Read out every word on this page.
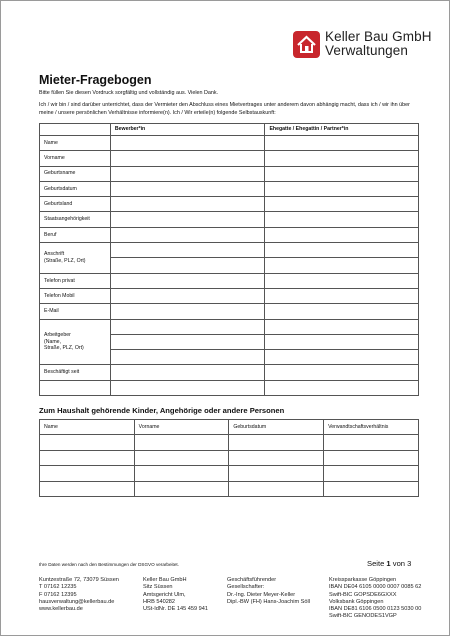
Keller Bau GmbH
Verwaltungen
Mieter-Fragebogen
Bitte füllen Sie diesen Vordruck sorgfältig und vollständig aus. Vielen Dank.
Ich / wir bin / sind darüber unterrichtet, dass der Vermieter den Abschluss eines Mietvertrages unter anderem davon abhängig macht, dass ich / wir ihn über meine / unsere persönlichen Verhältnisse informiere(n). Ich / Wir erteile(n) folgende Selbstauskunft:
	Bewerber*in	Ehegatte / Ehegattin / Partner*in
Name		
Vorname		
Geburtsname		
Geburtsdatum		
Geburtsland		
Staatsangehörigkeit		
Beruf		
Anschrift
(Straße, PLZ, Ort)		

Telefon privat		
Telefon Mobil		
E-Mail		
Arbeitgeber
(Name,
Straße, PLZ, Ort)		

Beschäftigt seit		

Zum Haushalt gehörende Kinder, Angehörige oder andere Personen
Name	Vorname	Geburtsdatum	Verwandtschaftsverhältnis

Ihre Daten werden nach den Bestimmungen der DSGVO verarbeitet.	Seite 1 von 3
Kuntzestraße 72, 73079 Süssen
T 07162 12235
F 07162 12395
hausverwaltung@kellerbau.de
www.kellerbau.de
Keller Bau GmbH
Sitz Süssen
Amtsgericht Ulm,
HRB 540282
USt-IdNr. DE 145 459 941
Geschäftsführender
Gesellschafter:
Dr.-Ing. Dieter Meyer-Keller
Dipl.-BW (FH) Hans-Joachim Söll
Kreissparkasse Göppingen
IBAN DE04 6105 0000 0007 0085 62
Swift-BIC GOPSDE6GXXX
Volksbank Göppingen
IBAN DE81 6106 0500 0123 5030 00
Swift-BIC GENODES1VGP
